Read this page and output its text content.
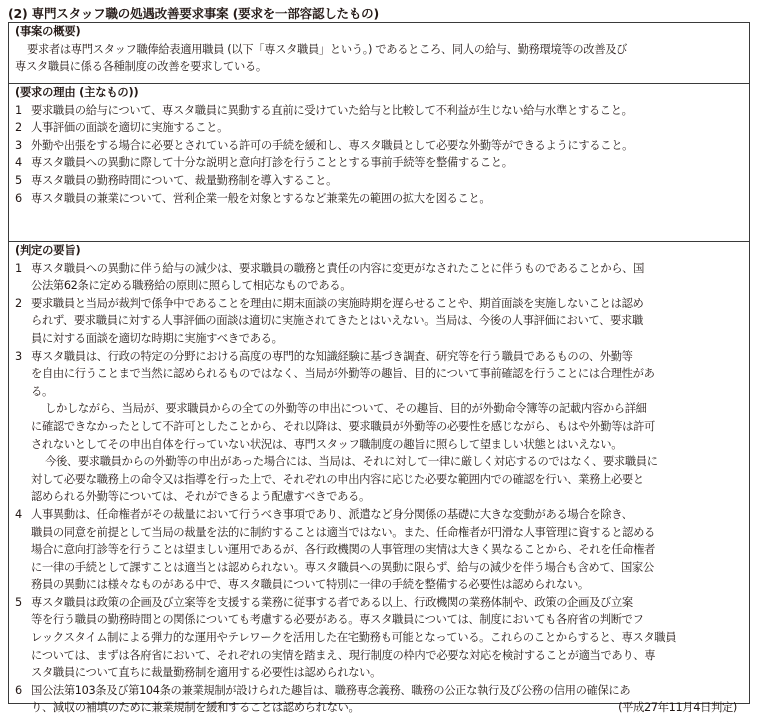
(2) 専門スタッフ職の処遇改善要求事案 (要求を一部容認したもの)
(事案の概要)
要求者は専門スタッフ職俸給表適用職員 (以下「専スタ職員」という。) であるところ、同人の給与、勤務環境等の改善及び
専スタ職員に係る各種制度の改善を要求している。
(要求の理由 (主なもの))
1 要求職員の給与について、専スタ職員に異動する直前に受けていた給与と比較して不利益が生じない給与水準とすること。
2 人事評価の面談を適切に実施すること。
3 外勤や出張をする場合に必要とされている許可の手続を緩和し、専スタ職員として必要な外勤等ができるようにすること。
4 専スタ職員への異動に際して十分な説明と意向打診を行うこととする事前手続等を整備すること。
5 専スタ職員の勤務時間について、裁量勤務制を導入すること。
6 専スタ職員の兼業について、営利企業一般を対象とするなど兼業先の範囲の拡大を図ること。
(判定の要旨)
1 専スタ職員への異動に伴う給与の減少は、要求職員の職務と責任の内容に変更がなされたことに伴うものであることから、国
公法第62条に定める職務給の原則に照らして相応なものである。
2 要求職員と当局が裁判で係争中であることを理由に期末面談の実施時期を遅らせることや、期首面談を実施しないことは認め
られず、要求職員に対する人事評価の面談は適切に実施されてきたとはいえない。当局は、今後の人事評価において、要求職
員に対する面談を適切な時期に実施すべきである。
3 専スタ職員は、行政の特定の分野における高度の専門的な知識経験に基づき調査、研究等を行う職員であるものの、外勤等
を自由に行うことまで当然に認められるものではなく、当局が外勤等の趣旨、目的について事前確認を行うことには合理性があ
る。
しかしながら、当局が、要求職員からの全ての外勤等の申出について、その趣旨、目的が外勤命令簿等の記載内容から詳細
に確認できなかったとして不許可としたことから、それ以降は、要求職員が外勤等の必要性を感じながら、もはや外勤等は許可
されないとしてその申出自体を行っていない状況は、専門スタッフ職制度の趣旨に照らして望ましい状態とはいえない。
今後、要求職員からの外勤等の申出があった場合には、当局は、それに対して一律に厳しく対応するのではなく、要求職員に
対して必要な職務上の命令又は指導を行った上で、それぞれの申出内容に応じた必要な範囲内での確認を行い、業務上必要と
認められる外勤等については、それができるよう配慮すべきである。
4 人事異動は、任命権者がその裁量において行うべき事項であり、派遣など身分関係の基礎に大きな変動がある場合を除き、
職員の同意を前提として当局の裁量を法的に制約することは適当ではない。また、任命権者が円滑な人事管理に資すると認める
場合に意向打診等を行うことは望ましい運用であるが、各行政機関の人事管理の実情は大きく異なることから、それを任命権者
に一律の手続として課すことは適当とは認められない。専スタ職員への異動に限らず、給与の減少を伴う場合も含めて、国家公
務員の異動には様々なものがある中で、専スタ職員について特別に一律の手続を整備する必要性は認められない。
5 専スタ職員は政策の企画及び立案等を支援する業務に従事する者である以上、行政機関の業務体制や、政策の企画及び立案
等を行う職員の勤務時間との関係についても考慮する必要がある。専スタ職員については、制度においても各府省の判断でフ
レックスタイム制による弾力的な運用やテレワークを活用した在宅勤務も可能となっている。これらのことからすると、専スタ職員
については、まずは各府省において、それぞれの実情を踏まえ、現行制度の枠内で必要な対応を検討することが適当であり、専
スタ職員について直ちに裁量勤務制を適用する必要性は認められない。
6 国公法第103条及び第104条の兼業規制が設けられた趣旨は、職務専念義務、職務の公正な執行及び公務の信用の確保にあ
り、減収の補填のために兼業規制を緩和することは認められない。	(平成27年11月4日判定)
